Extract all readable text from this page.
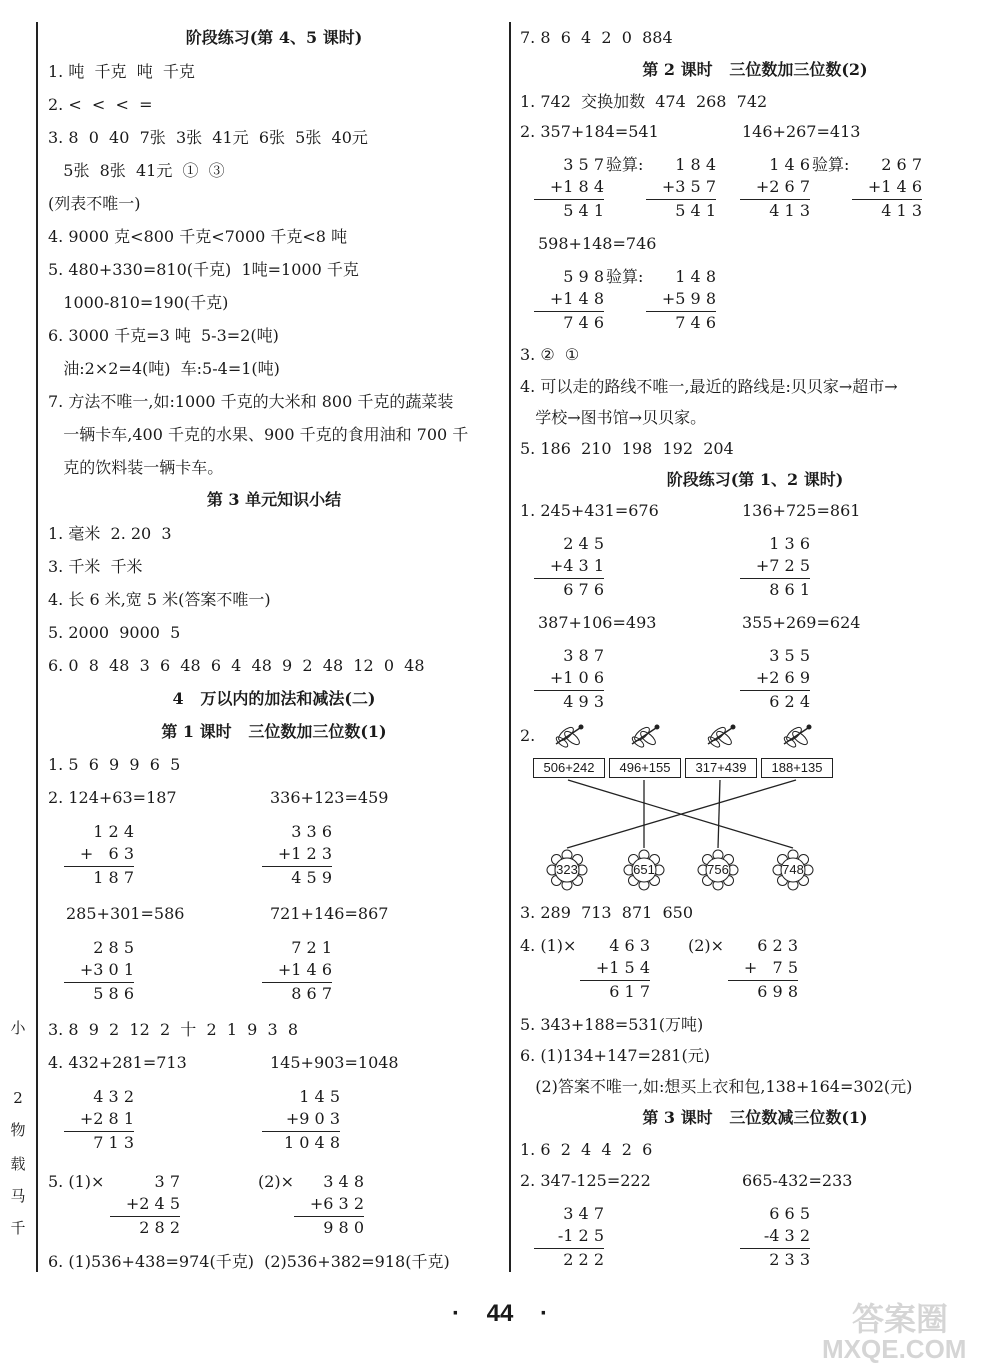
小
2
物
载
马
千
阶段练习(第 4、5 课时)
1. 吨  千克  吨  千克
2. <  <  <  =
3. 8  0  40  7张  3张  41元  6张  5张  40元
5张  8张  41元  ①  ③
(列表不唯一)
4. 9000 克<800 千克<7000 千克<8 吨
5. 480+330=810(千克)  1吨=1000 千克
1000-810=190(千克)
6. 3000 千克=3 吨  5-3=2(吨)
油:2×2=4(吨)  车:5-4=1(吨)
7. 方法不唯一,如:1000 千克的大米和 800 千克的蔬菜装
一辆卡车,400 千克的水果、900 千克的食用油和 700 千
克的饮料装一辆卡车。
第 3 单元知识小结
1. 毫米  2. 20  3
3. 千米  千米
4. 长 6 米,宽 5 米(答案不唯一)
5. 2000  9000  5
6. 0  8  48  3  6  48  6  4  48  9  2  48  12  0  48
4   万以内的加法和减法(二)
第 1 课时   三位数加三位数(1)
1. 5  6  9  9  6  5
2. 124+63=187	336+123=459
1 2 4
+   6 3
1 8 7
3 3 6
+1 2 3
4 5 9
285+301=586	721+146=867
2 8 5
+3 0 1
5 8 6
7 2 1
+1 4 6
8 6 7
3. 8  9  2  12  2  十  2  1  9  3  8
4. 432+281=713	145+903=1048
4 3 2
+2 8 1
7 1 3
1 4 5
+9 0 3
1 0 4 8
5. (1)×	(2)×
3 7
+2 4 5
2 8 2
3 4 8
+6 3 2
9 8 0
6. (1)536+438=974(千克)  (2)536+382=918(千克)
7. 8  6  4  2  0  884
第 2 课时   三位数加三位数(2)
1. 742  交换加数  474  268  742
2. 357+184=541	146+267=413
3 5 7
+1 8 4
5 4 1
验算:	1 8 4
+3 5 7
5 4 1
1 4 6
+2 6 7
4 1 3
验算:	2 6 7
+1 4 6
4 1 3
598+148=746
5 9 8
+1 4 8
7 4 6
验算:	1 4 8
+5 9 8
7 4 6
3. ②  ①
4. 可以走的路线不唯一,最近的路线是:贝贝家→超市→
学校→图书馆→贝贝家。
5. 186  210  198  192  204
阶段练习(第 1、2 课时)
1. 245+431=676	136+725=861
2 4 5
+4 3 1
6 7 6
1 3 6
+7 2 5
8 6 1
387+106=493	355+269=624
3 8 7
+1 0 6
4 9 3
3 5 5
+2 6 9
6 2 4
2.
506+242	496+155	317+439	188+135
323	651	756	748
3. 289  713  871  650
4. (1)×	(2)×
4 6 3
+1 5 4
6 1 7
6 2 3
+   7 5
6 9 8
5. 343+188=531(万吨)
6. (1)134+147=281(元)
(2)答案不唯一,如:想买上衣和包,138+164=302(元)
第 3 课时   三位数减三位数(1)
1. 6  2  4  4  2  6
2. 347-125=222	665-432=233
3 4 7
-1 2 5
2 2 2
6 6 5
-4 3 2
2 3 3
·    44    ·	答案圈
MXQE.COM
